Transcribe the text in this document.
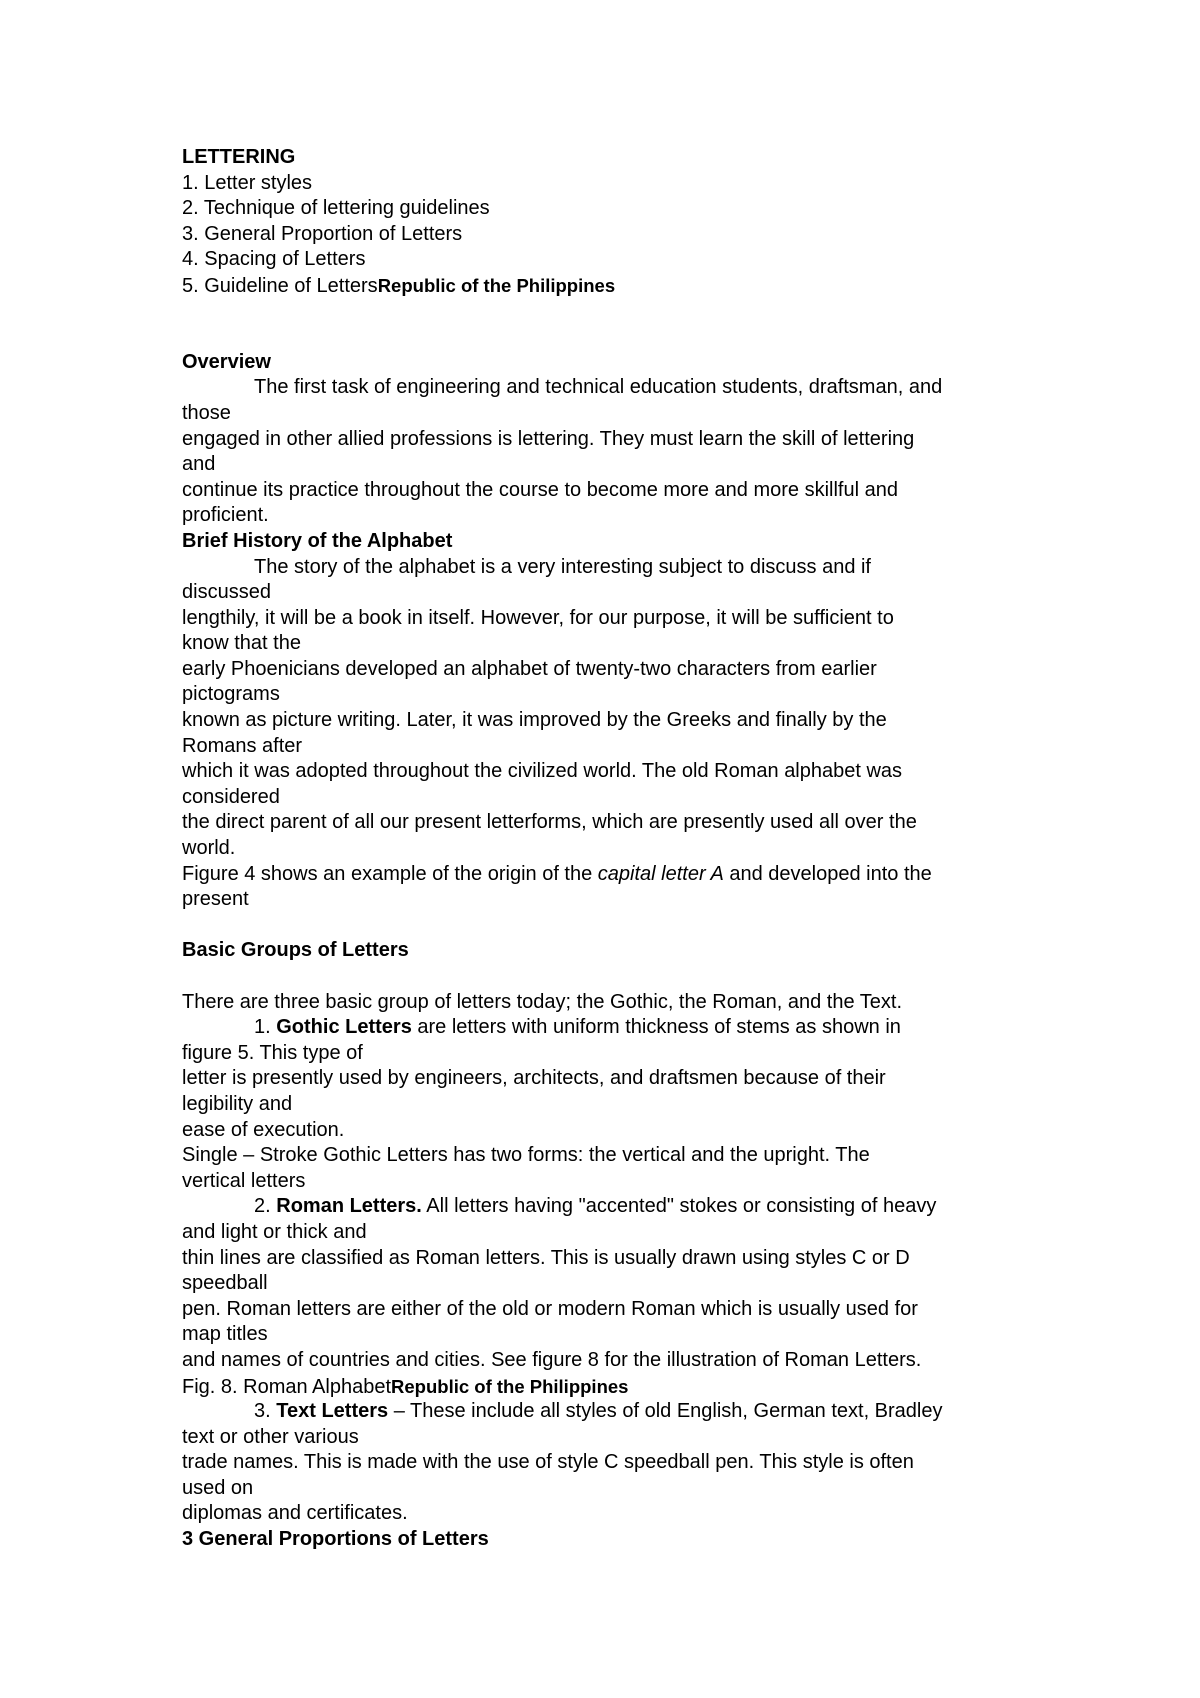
LETTERING
1. Letter styles
2. Technique of lettering guidelines
3. General Proportion of Letters
4. Spacing of Letters
5. Guideline of LettersRepublic of the Philippines
Overview
The first task of engineering and technical education students, draftsman, and
those
engaged in other allied professions is lettering. They must learn the skill of lettering
and
continue its practice throughout the course to become more and more skillful and
proficient.
Brief History of the Alphabet
The story of the alphabet is a very interesting subject to discuss and if
discussed
lengthily, it will be a book in itself. However, for our purpose, it will be sufficient to
know that the
early Phoenicians developed an alphabet of twenty-two characters from earlier
pictograms
known as picture writing. Later, it was improved by the Greeks and finally by the
Romans after
which it was adopted throughout the civilized world. The old Roman alphabet was
considered
the direct parent of all our present letterforms, which are presently used all over the
world.
Figure 4 shows an example of the origin of the capital letter A and developed into the
present
Basic Groups of Letters
There are three basic group of letters today; the Gothic, the Roman, and the Text.
1. Gothic Letters are letters with uniform thickness of stems as shown in
figure 5. This type of
letter is presently used by engineers, architects, and draftsmen because of their
legibility and
ease of execution.
Single – Stroke Gothic Letters has two forms: the vertical and the upright. The
vertical letters
2. Roman Letters. All letters having "accented" stokes or consisting of heavy
and light or thick and
thin lines are classified as Roman letters. This is usually drawn using styles C or D
speedball
pen. Roman letters are either of the old or modern Roman which is usually used for
map titles
and names of countries and cities. See figure 8 for the illustration of Roman Letters.
Fig. 8. Roman AlphabetRepublic of the Philippines
3. Text Letters – These include all styles of old English, German text, Bradley
text or other various
trade names. This is made with the use of style C speedball pen. This style is often
used on
diplomas and certificates.
3 General Proportions of Letters
